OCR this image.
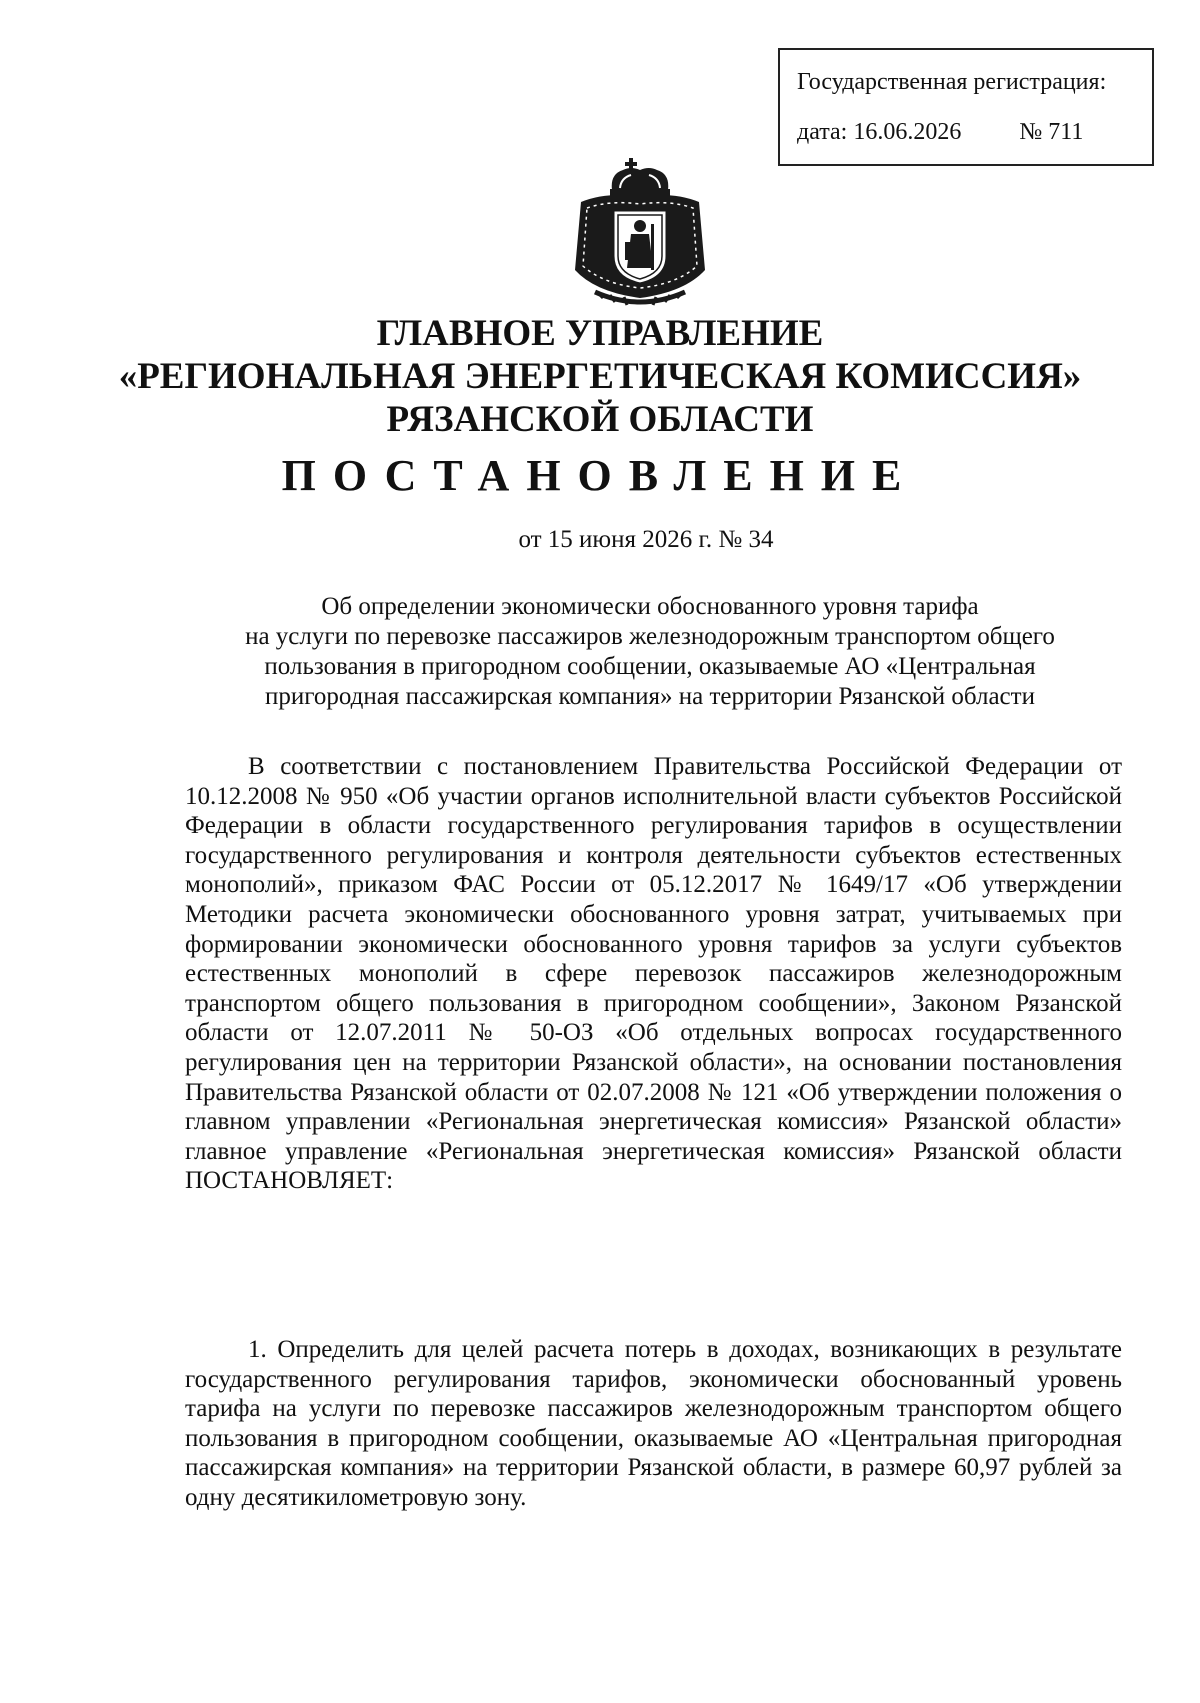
Государственная регистрация:
дата: 16.06.2026 № 711
ГЛАВНОЕ УПРАВЛЕНИЕ
«РЕГИОНАЛЬНАЯ ЭНЕРГЕТИЧЕСКАЯ КОМИССИЯ»
РЯЗАНСКОЙ ОБЛАСТИ
ПОСТАНОВЛЕНИЕ
от 15 июня 2026 г. № 34
Об определении экономически обоснованного уровня тарифа
на услуги по перевозке пассажиров железнодорожным транспортом общего
пользования в пригородном сообщении, оказываемые АО «Центральная
пригородная пассажирская компания» на территории Рязанской области
В соответствии с постановлением Правительства Российской Федерации от 10.12.2008 № 950 «Об участии органов исполнительной власти субъектов Российской Федерации в области государственного регулирования тарифов в осуществлении государственного регулирования и контроля деятельности субъектов естественных монополий», приказом ФАС России от 05.12.2017 № 1649/17 «Об утверждении Методики расчета экономически обоснованного уровня затрат, учитываемых при формировании экономически обоснованного уровня тарифов за услуги субъектов естественных монополий в сфере перевозок пассажиров железнодорожным транспортом общего пользования в пригородном сообщении», Законом Рязанской области от 12.07.2011 № 50-ОЗ «Об отдельных вопросах государственного регулирования цен на территории Рязанской области», на основании постановления Правительства Рязанской области от 02.07.2008 № 121 «Об утверждении положения о главном управлении «Региональная энергетическая комиссия» Рязанской области» главное управление «Региональная энергетическая комиссия» Рязанской области ПОСТАНОВЛЯЕТ:
1. Определить для целей расчета потерь в доходах, возникающих в результате государственного регулирования тарифов, экономически обоснованный уровень тарифа на услуги по перевозке пассажиров железнодорожным транспортом общего пользования в пригородном сообщении, оказываемые АО «Центральная пригородная пассажирская компания» на территории Рязанской области, в размере 60,97 рублей за одну десятикилометровую зону.
